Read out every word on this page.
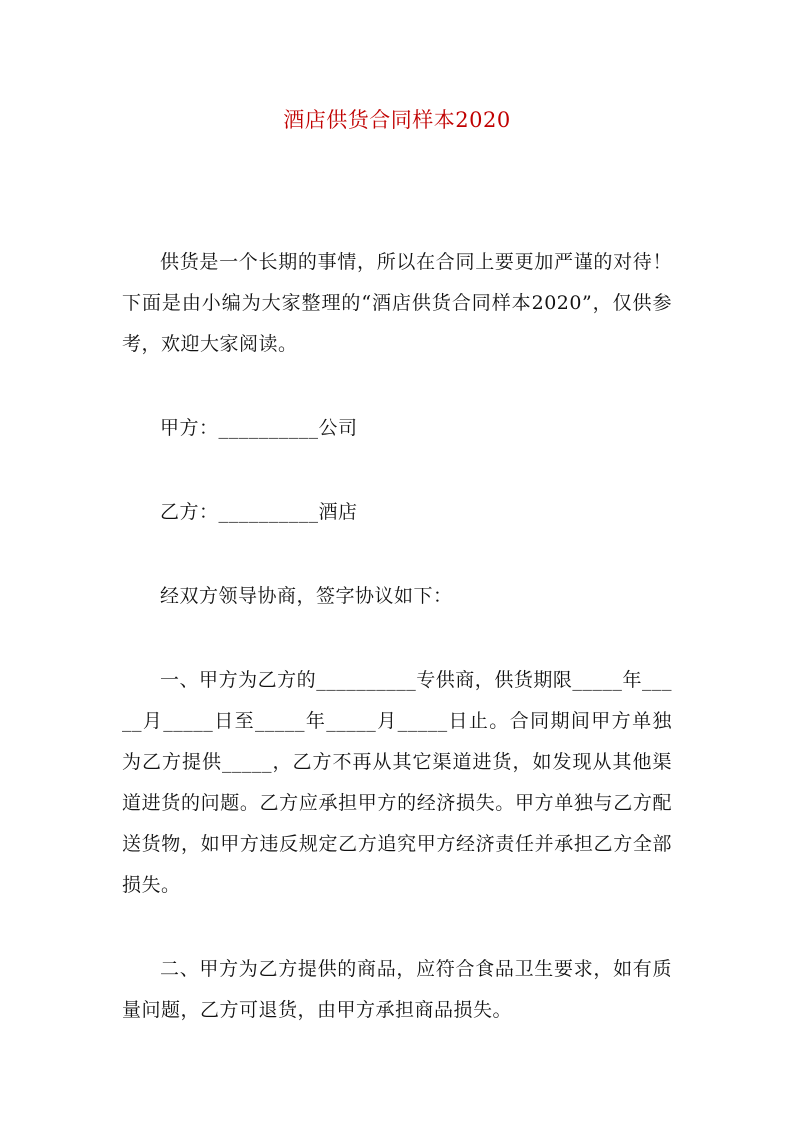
酒店供货合同样本2020

供货是一个长期的事情，所以在合同上要更加严谨的对待！下面是由小编为大家整理的“酒店供货合同样本2020”，仅供参考，欢迎大家阅读。

甲方：__________公司

乙方：__________酒店

经双方领导协商，签字协议如下：

一、甲方为乙方的__________专供商，供货期限_____年_____月_____日至_____年_____月_____日止。合同期间甲方单独为乙方提供_____，乙方不再从其它渠道进货，如发现从其他渠道进货的问题。乙方应承担甲方的经济损失。甲方单独与乙方配送货物，如甲方违反规定乙方追究甲方经济责任并承担乙方全部损失。

二、甲方为乙方提供的商品，应符合食品卫生要求，如有质量问题，乙方可退货，由甲方承担商品损失。
